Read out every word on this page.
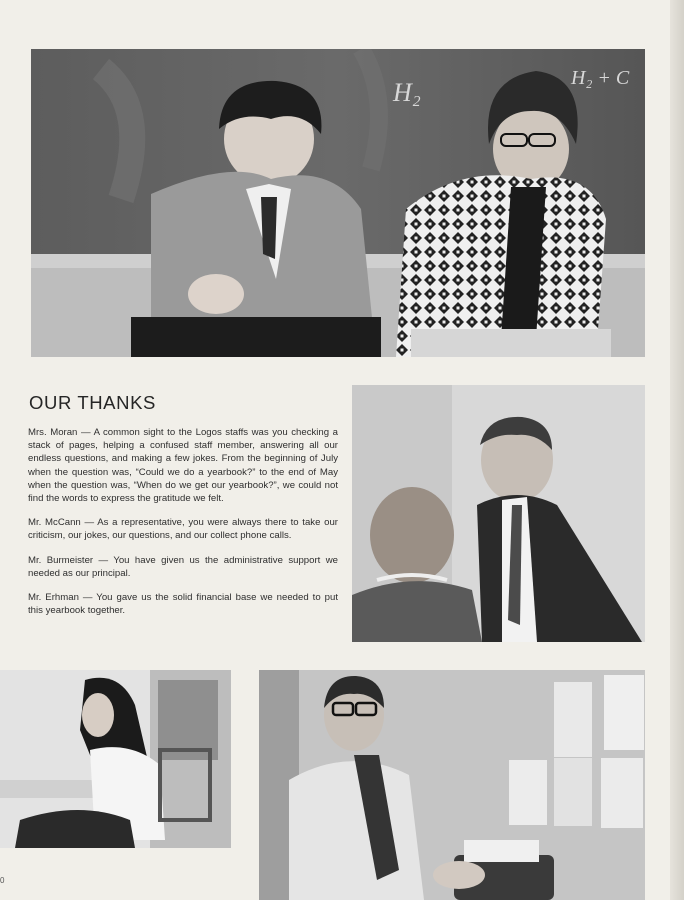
H₂	H₂ + C
OUR THANKS

Mrs. Moran — A common sight to the Logos staffs was you checking a stack of pages, helping a confused staff member, answering all our endless questions, and making a few jokes. From the beginning of July when the question was, “Could we do a yearbook?” to the end of May when the question was, “When do we get our yearbook?”, we could not find the words to express the gratitude we felt.

Mr. McCann — As a representative, you were always there to take our criticism, our jokes, our questions, and our collect phone calls.

Mr. Burmeister — You have given us the administrative support we needed as our principal.

Mr. Erhman — You gave us the solid financial base we needed to put this yearbook together.

0
